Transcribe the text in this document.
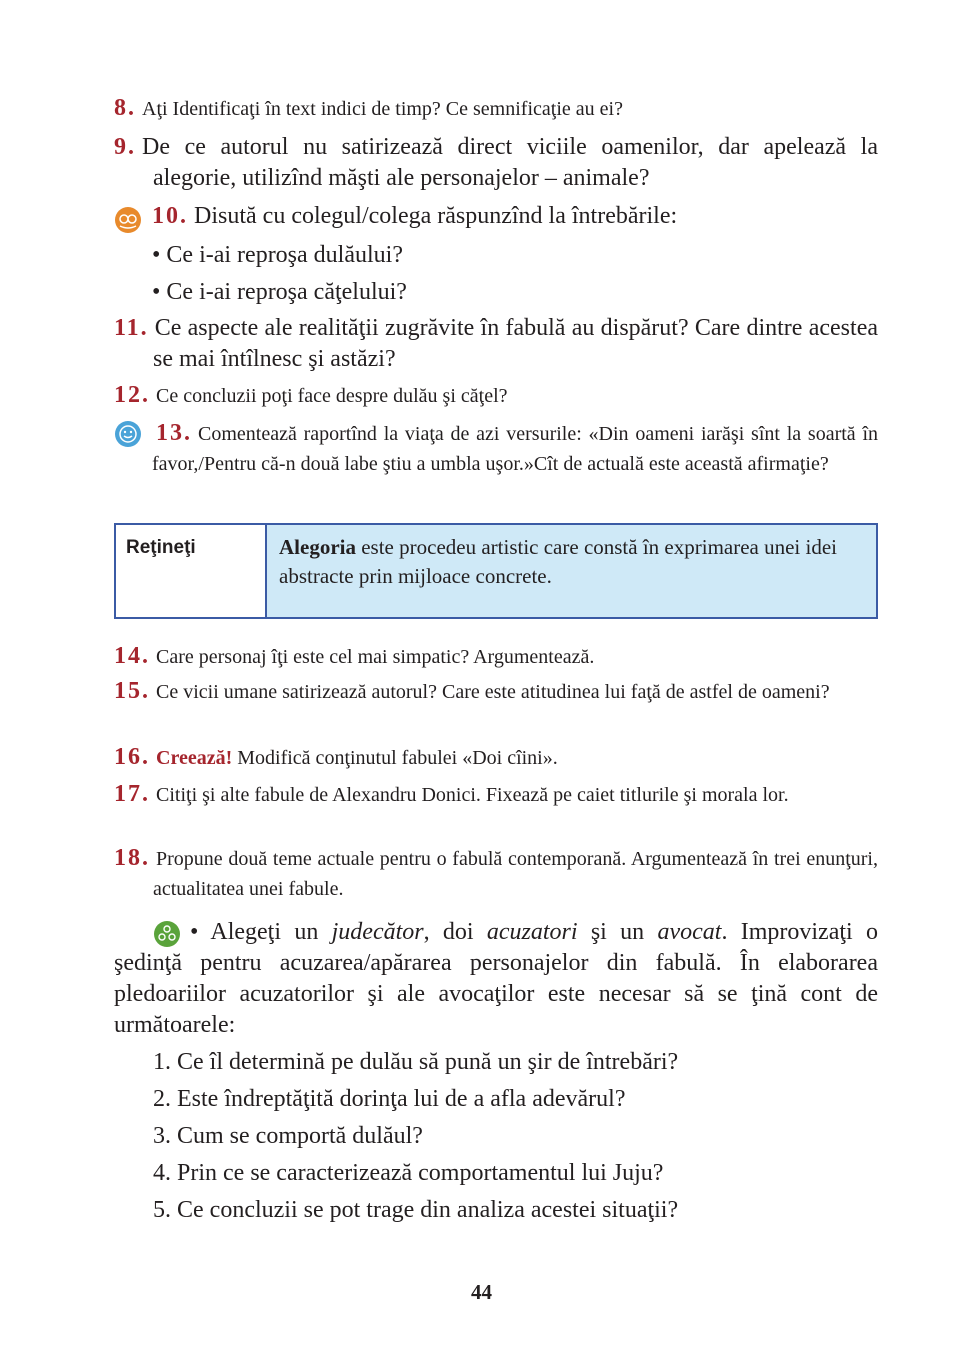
8. Aţi Identificaţi în text indici de timp? Ce semnificaţie au ei?
9. De ce autorul nu satirizează direct viciile oamenilor, dar apelează la alegorie, utilizînd măşti ale personajelor – animale?
10. Disută cu colegul/colega răspunzînd la întrebările:
• Ce i-ai reproşa dulăului?
• Ce i-ai reproşa căţelului?
11. Ce aspecte ale realităţii zugrăvite în fabulă au dispărut? Care dintre acestea se mai întîlnesc şi astăzi?
12. Ce concluzii poţi face despre dulău şi căţel?
13. Comentează raportînd la viaţa de azi versurile: «Din oameni iarăşi sînt la soartă în favor,/Pentru că-n două labe ştiu a umbla uşor.»Cît de actuală este această afirmaţie?
Reţineţi	Alegoria este procedeu artistic care constă în exprimarea unei idei abstracte prin mijloace concrete.
14. Care personaj îţi este cel mai simpatic? Argumentează.
15. Ce vicii umane satirizează autorul? Care este atitudinea lui faţă de astfel de oameni?
16. Creează! Modifică conţinutul fabulei «Doi cîini».
17. Citiţi şi alte fabule de Alexandru Donici. Fixează pe caiet titlurile şi morala lor.
18. Propune două teme actuale pentru o fabulă contemporană. Argumentează în trei enunţuri, actualitatea unei fabule.
• Alegeţi un judecător, doi acuzatori şi un avocat. Improvizaţi o şedinţă pentru acuzarea/apărarea personajelor din fabulă. În elaborarea pledoariilor acuzatorilor şi ale avocaţilor este necesar să se ţină cont de următoarele:
1. Ce îl determină pe dulău să pună un şir de întrebări?
2. Este îndreptăţită dorinţa lui de a afla adevărul?
3. Cum se comportă dulăul?
4. Prin ce se caracterizează comportamentul lui Juju?
5. Ce concluzii se pot trage din analiza acestei situaţii?
44
